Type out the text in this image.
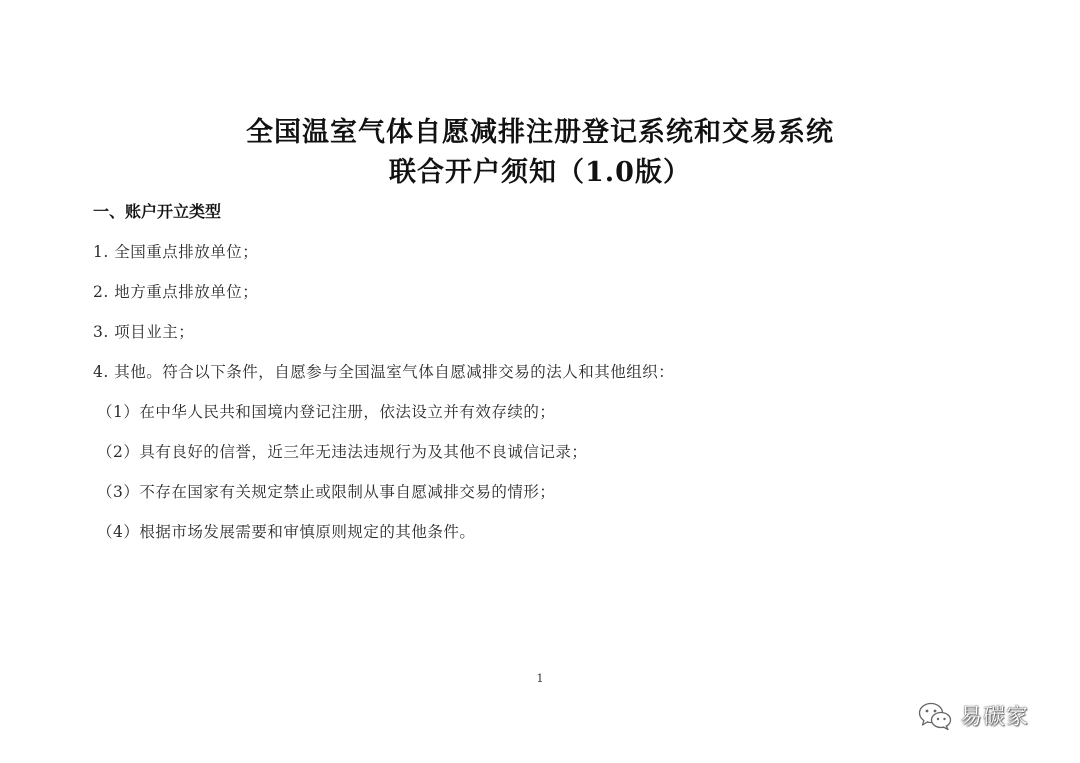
全国温室气体自愿减排注册登记系统和交易系统
联合开户须知（1.0版）
一、账户开立类型
1. 全国重点排放单位；
2. 地方重点排放单位；
3. 项目业主；
4. 其他。符合以下条件，自愿参与全国温室气体自愿减排交易的法人和其他组织：
（1）在中华人民共和国境内登记注册，依法设立并有效存续的；
（2）具有良好的信誉，近三年无违法违规行为及其他不良诚信记录；
（3）不存在国家有关规定禁止或限制从事自愿减排交易的情形；
（4）根据市场发展需要和审慎原则规定的其他条件。
1
易碳家
